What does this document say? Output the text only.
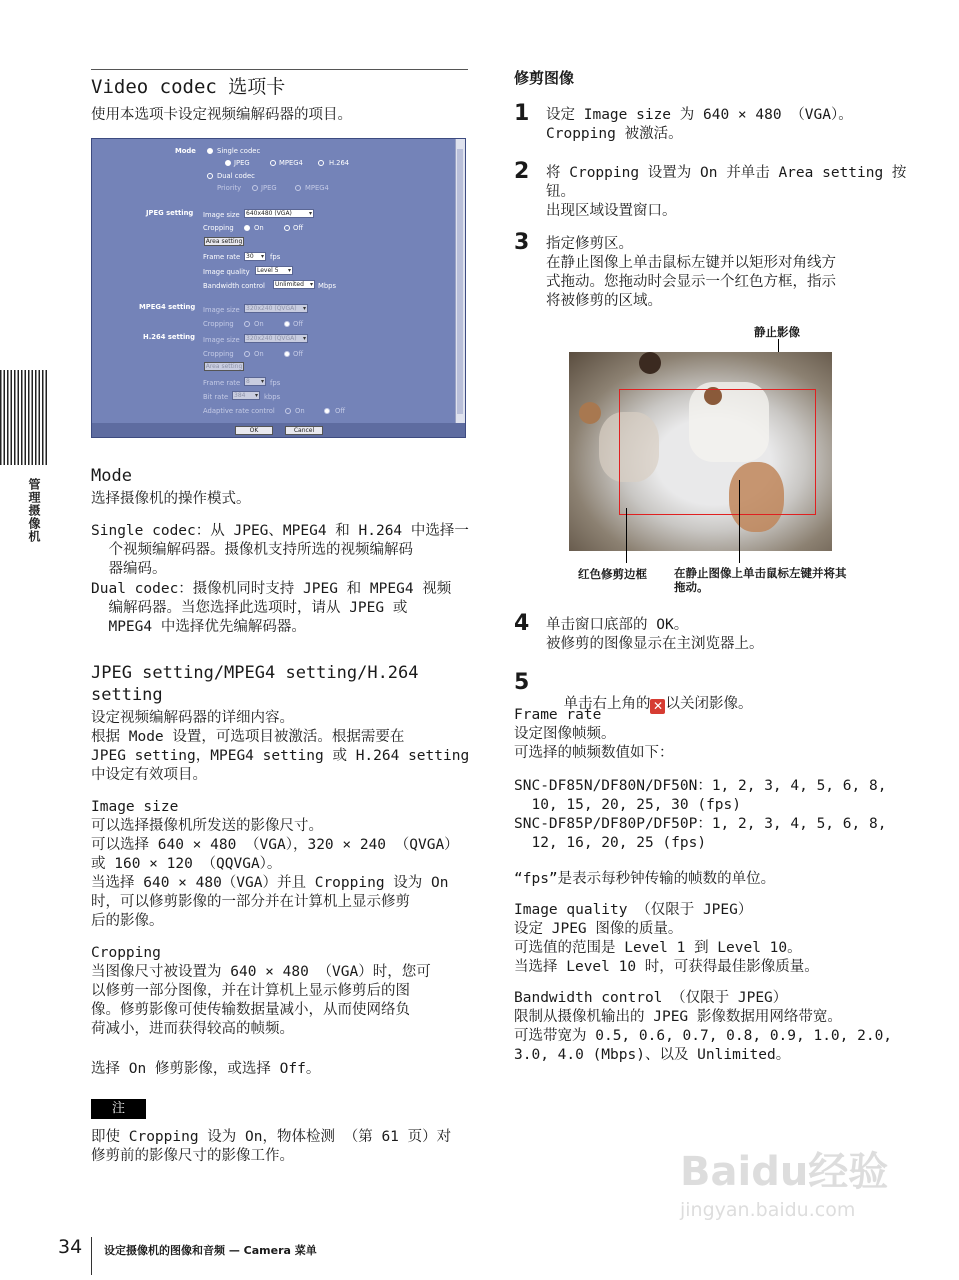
管理摄像机
Video codec 选项卡

使用本选项卡设定视频编解码器的项目。

Mode	Single codec
JPEG	MPEG4	H.264
Dual codec
Priority	JPEG	MPEG4
JPEG setting Image size	640x480 (VGA) ▾
Cropping	On	Off
Area setting
Frame rate 30 ▾	fps
Image quality	Level 5 ▾
Bandwidth control	Unlimited ▾	Mbps
MPEG4 setting Image size	320x240 (QVGA) ▾
Cropping	On	Off
H.264 setting Image size	320x240 (QVGA) ▾
Cropping	On	Off
Area setting
Frame rate 8 ▾	fps
Bit rate 384 ▾	kbps
Adaptive rate control	On	Off
OK	Cancel
Mode

选择摄像机的操作模式。

Single codec：从 JPEG、MPEG4 和 H.264 中选择一
个视频编解码器。摄像机支持所选的视频编解码
器编码。

Dual codec：摄像机同时支持 JPEG 和 MPEG4 视频
编解码器。当您选择此选项时，请从 JPEG 或
MPEG4 中选择优先编解码器。

JPEG setting/MPEG4 setting/H.264
setting

设定视频编解码器的详细内容。
根据 Mode 设置，可选项目被激活。根据需要在
JPEG setting，MPEG4 setting 或 H.264 setting
中设定有效项目。

Image size

可以选择摄像机所发送的影像尺寸。
可以选择 640 × 480 （VGA），320 × 240 （QVGA）
或 160 × 120 （QQVGA）。
当选择 640 × 480（VGA）并且 Cropping 设为 On
时，可以修剪影像的一部分并在计算机上显示修剪
后的影像。

Cropping

当图像尺寸被设置为 640 × 480 （VGA）时，您可
以修剪一部分图像，并在计算机上显示修剪后的图
像。修剪影像可使传输数据量减小，从而使网络负
荷减小，进而获得较高的帧频。

选择 On 修剪影像，或选择 Off。

注

即使 Cropping 设为 On，物体检测 （第 61 页）对
修剪前的影像尺寸的影像工作。

修剪图像
1 设定 Image size 为 640 × 480 （VGA）。
Cropping 被激活。

2 将 Cropping 设置为 On 并单击 Area setting 按
钮。
出现区域设置窗口。

3 指定修剪区。
在静止图像上单击鼠标左键并以矩形对角线方
式拖动。您拖动时会显示一个红色方框，指示
将被修剪的区域。

静止影像
红色修剪边框 在静止图像上单击鼠标左键并将其
拖动。
4 单击窗口底部的 OK。
被修剪的图像显示在主浏览器上。

5

单击右上角的 ✕ 以关闭影像。

Frame rate

设定图像帧频。
可选择的帧频数值如下：

SNC-DF85N/DF80N/DF50N：1, 2, 3, 4, 5, 6, 8,
10, 15, 20, 25, 30 (fps)

SNC-DF85P/DF80P/DF50P：1, 2, 3, 4, 5, 6, 8,
12, 16, 20, 25 (fps)

“fps”是表示每秒钟传输的帧数的单位。

Image quality （仅限于 JPEG）

设定 JPEG 图像的质量。
可选值的范围是 Level 1 到 Level 10。
当选择 Level 10 时，可获得最佳影像质量。

Bandwidth control （仅限于 JPEG）

限制从摄像机输出的 JPEG 影像数据用网络带宽。
可选带宽为 0.5, 0.6, 0.7, 0.8, 0.9, 1.0, 2.0,
3.0, 4.0 (Mbps)、以及 Unlimited。

Baidu经验
jingyan.baidu.com
34 设定摄像机的图像和音频 — Camera 菜单
